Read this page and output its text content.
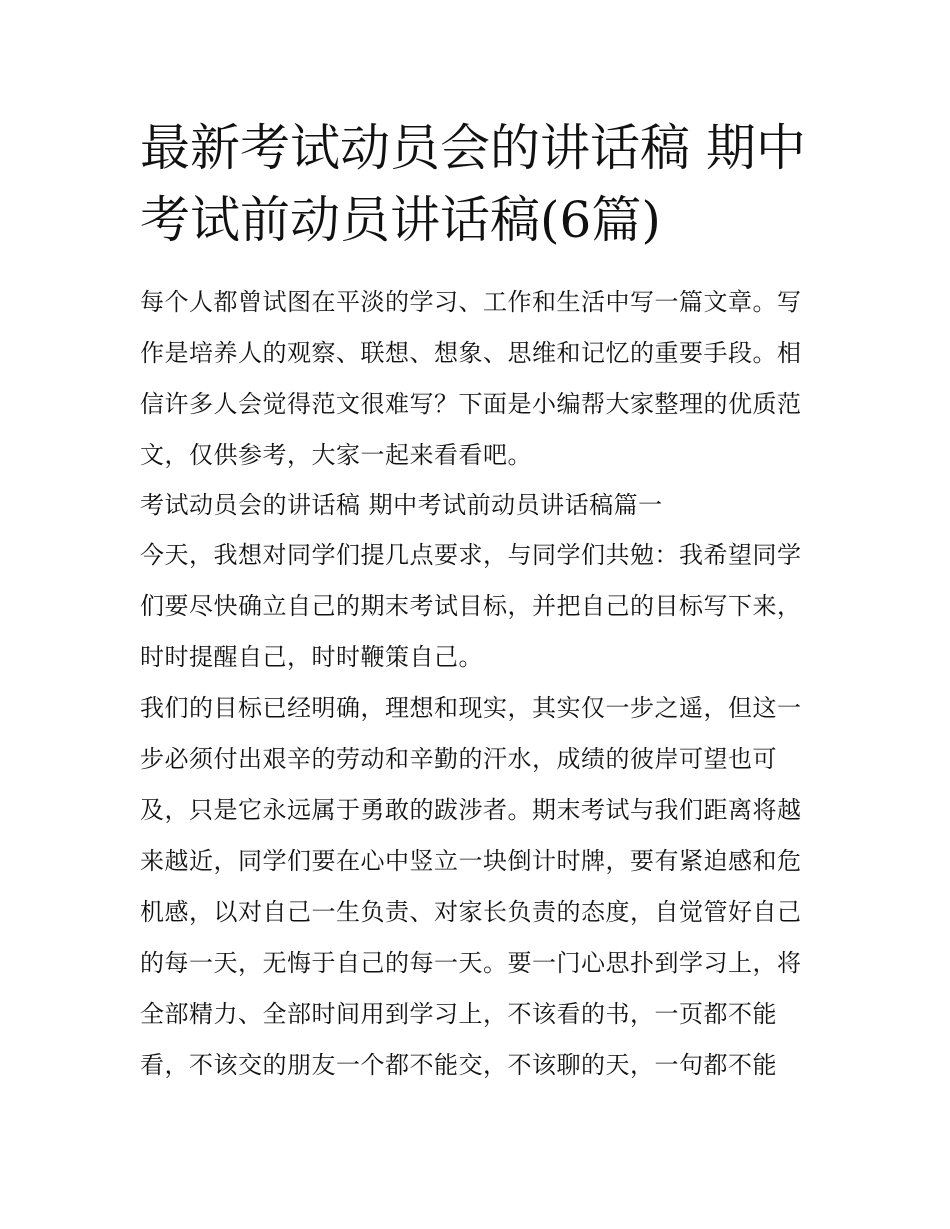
最新考试动员会的讲话稿 期中考试前动员讲话稿(6篇)

每个人都曾试图在平淡的学习、工作和生活中写一篇文章。写作是培养人的观察、联想、想象、思维和记忆的重要手段。相信许多人会觉得范文很难写？下面是小编帮大家整理的优质范文，仅供参考，大家一起来看看吧。

考试动员会的讲话稿 期中考试前动员讲话稿篇一

今天，我想对同学们提几点要求，与同学们共勉：我希望同学们要尽快确立自己的期末考试目标，并把自己的目标写下来，时时提醒自己，时时鞭策自己。

我们的目标已经明确，理想和现实，其实仅一步之遥，但这一步必须付出艰辛的劳动和辛勤的汗水，成绩的彼岸可望也可及，只是它永远属于勇敢的跋涉者。期末考试与我们距离将越来越近，同学们要在心中竖立一块倒计时牌，要有紧迫感和危机感，以对自己一生负责、对家长负责的态度，自觉管好自己的每一天，无悔于自己的每一天。要一门心思扑到学习上，将全部精力、全部时间用到学习上，不该看的书，一页都不能看，不该交的朋友一个都不能交，不该聊的天，一句都不能
